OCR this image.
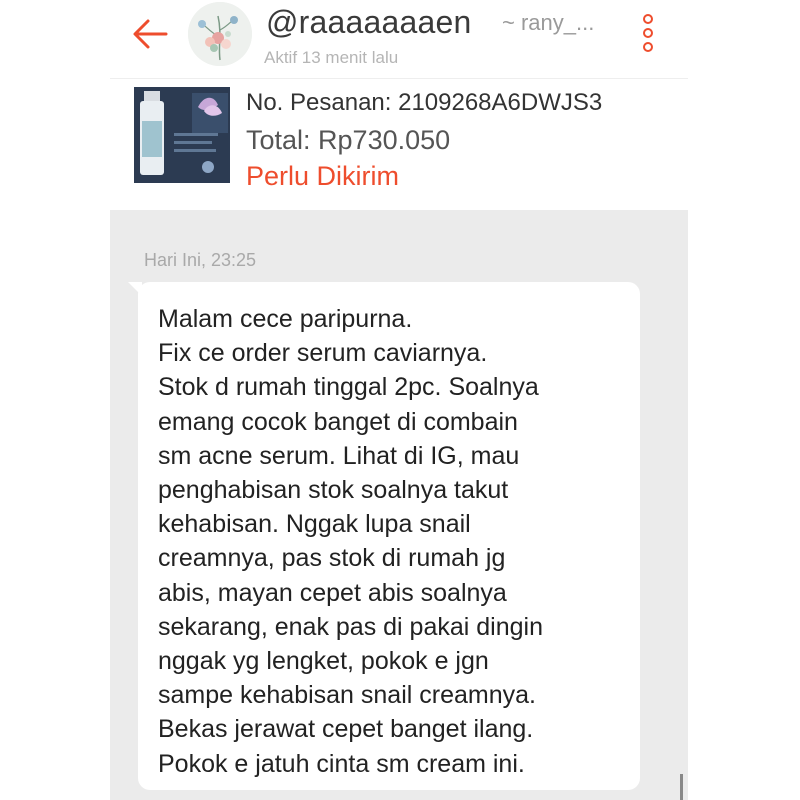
@raaaaaaaen ~ rany_...
Aktif 13 menit lalu
No. Pesanan: 2109268A6DWJS3
Total: Rp730.050
Perlu Dikirim
Hari Ini, 23:25
Malam cece paripurna.
Fix ce order serum caviarnya.
Stok d rumah tinggal 2pc. Soalnya
emang cocok banget di combain
sm acne serum. Lihat di IG, mau
penghabisan stok soalnya takut
kehabisan. Nggak lupa snail
creamnya, pas stok di rumah jg
abis, mayan cepet abis soalnya
sekarang, enak pas di pakai dingin
nggak yg lengket, pokok e jgn
sampe kehabisan snail creamnya.
Bekas jerawat cepet banget ilang.
Pokok e jatuh cinta sm cream ini.
